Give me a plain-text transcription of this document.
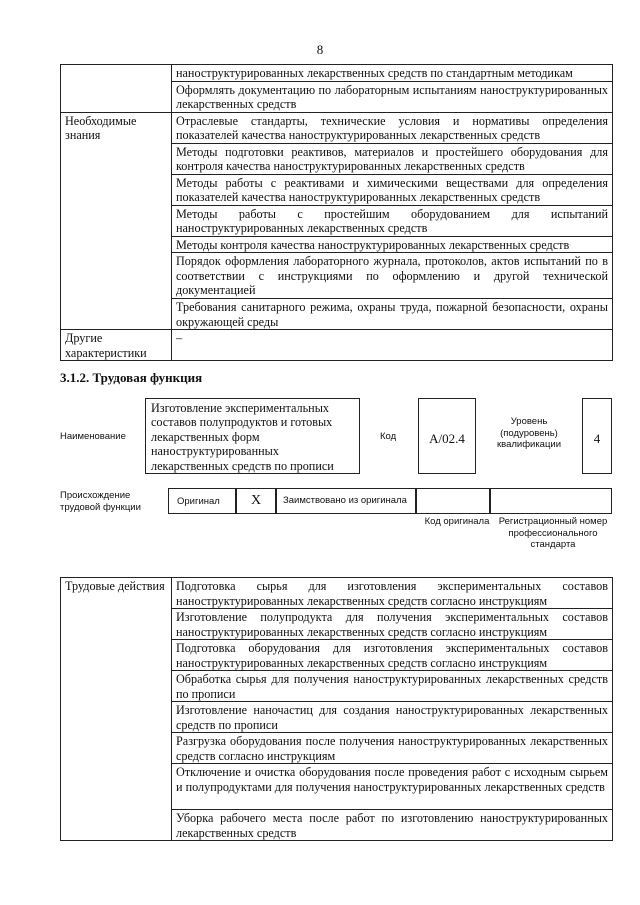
8
	наноструктурированных лекарственных средств по стандартным методикам
	Оформлять документацию по лабораторным испытаниям наноструктурированных лекарственных средств
Необходимые знания	Отраслевые стандарты, технические условия и нормативы определения показателей качества наноструктурированных лекарственных средств
	Методы подготовки реактивов, материалов и простейшего оборудования для контроля качества наноструктурированных лекарственных средств
	Методы работы с реактивами и химическими веществами для определения показателей качества наноструктурированных лекарственных средств
	Методы работы с простейшим оборудованием для испытаний наноструктурированных лекарственных средств
	Методы контроля качества наноструктурированных лекарственных средств
	Порядок оформления лабораторного журнала, протоколов, актов испытаний по в соответствии с инструкциями по оформлению и другой технической документацией
	Требования санитарного режима, охраны труда, пожарной безопасности, охраны окружающей среды
Другие характеристики	–
3.1.2. Трудовая функция
Наименование
Изготовление экспериментальных составов полупродуктов и готовых лекарственных форм наноструктурированных лекарственных средств по прописи
Код	А/02.4
Уровень (подуровень) квалификации	4
Происхождение трудовой функции	Оригинал	X	Заимствовано из оригинала
Код оригинала Регистрационный номер профессионального стандарта
Трудовые действия	Подготовка сырья для изготовления экспериментальных составов наноструктурированных лекарственных средств согласно инструкциям
Изготовление полупродукта для получения экспериментальных составов наноструктурированных лекарственных средств согласно инструкциям
Подготовка оборудования для изготовления экспериментальных составов наноструктурированных лекарственных средств согласно инструкциям
Обработка сырья для получения наноструктурированных лекарственных средств по прописи
Изготовление наночастиц для создания наноструктурированных лекарственных средств по прописи
Разгрузка оборудования после получения наноструктурированных лекарственных средств согласно инструкциям
Отключение и очистка оборудования после проведения работ с исходным сырьем и полупродуктами для получения наноструктурированных лекарственных средств
Уборка рабочего места после работ по изготовлению наноструктурированных лекарственных средств
